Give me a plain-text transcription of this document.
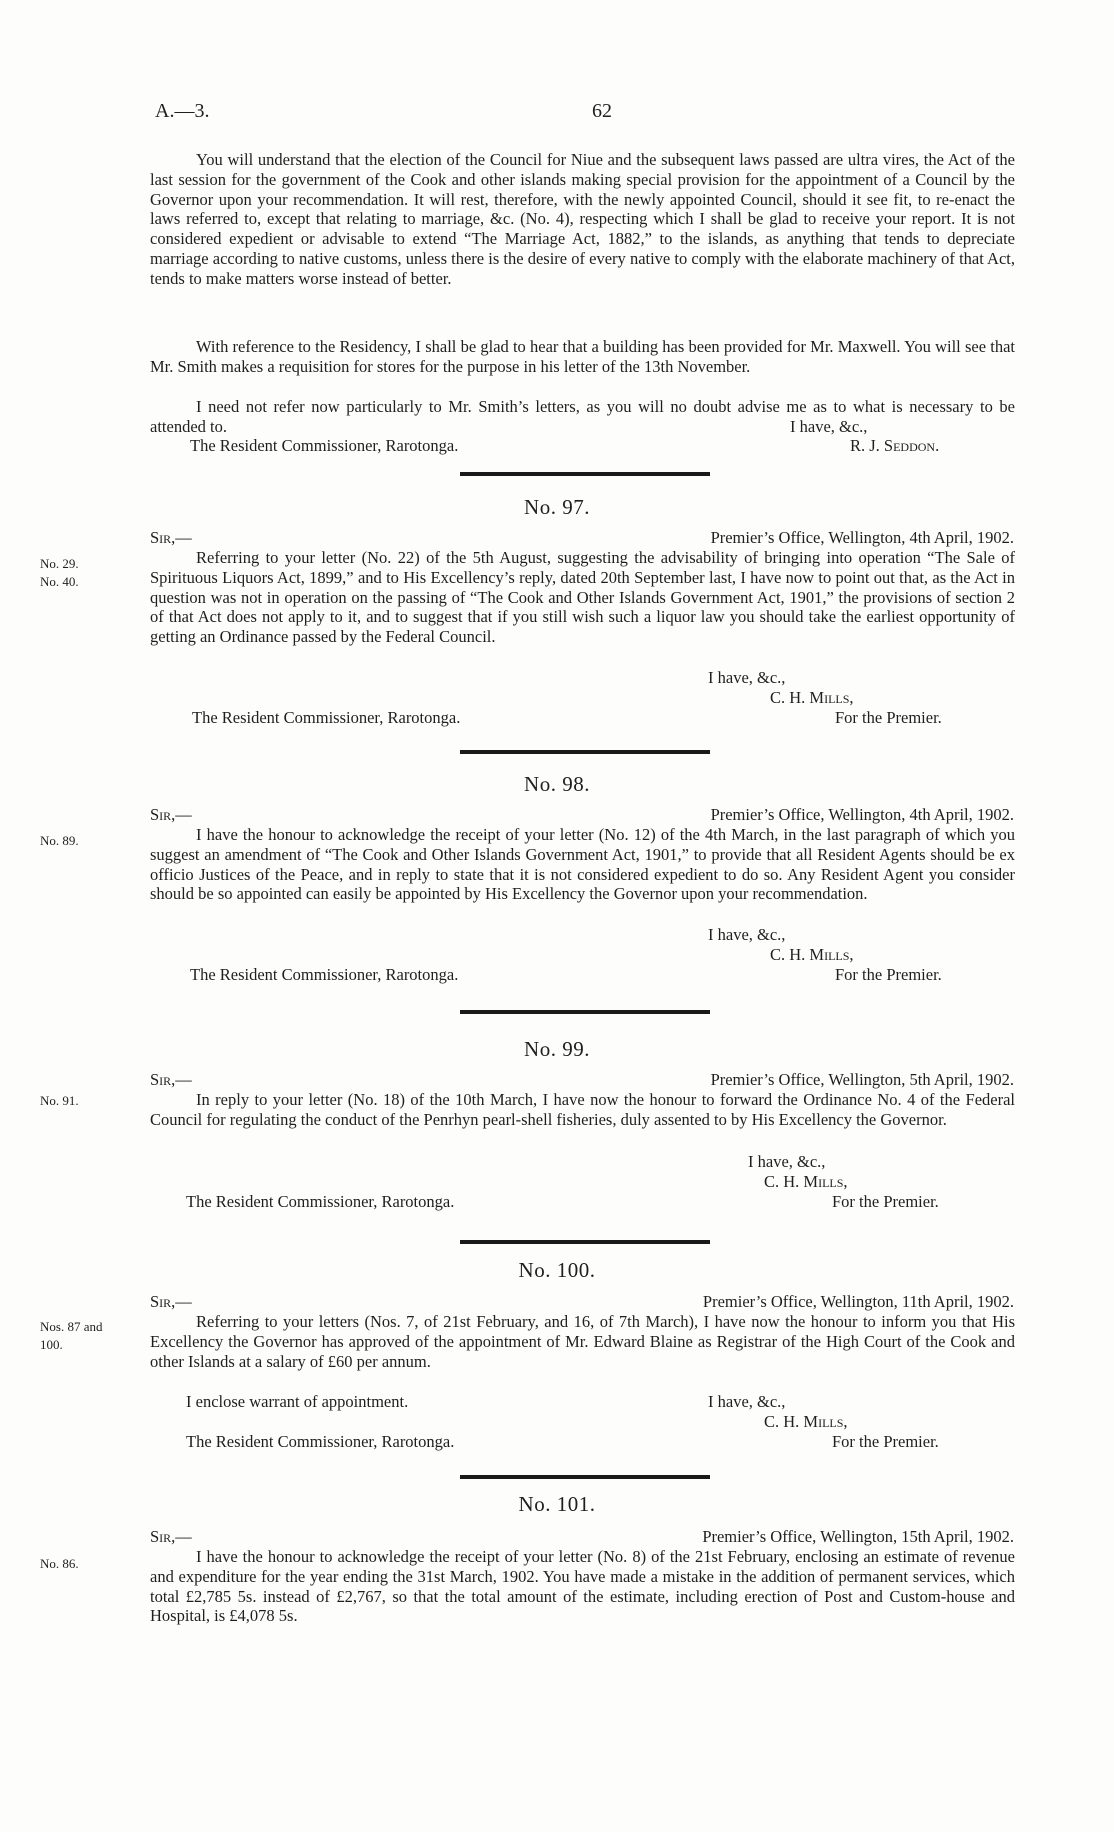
A.—3.	62

You will understand that the election of the Council for Niue and the subsequent laws passed are ultra vires, the Act of the last session for the government of the Cook and other islands making special provision for the appointment of a Council by the Governor upon your recommendation. It will rest, therefore, with the newly appointed Council, should it see fit, to re-enact the laws referred to, except that relating to marriage, &c. (No. 4), respecting which I shall be glad to receive your report. It is not considered expedient or advisable to extend “The Marriage Act, 1882,” to the islands, as anything that tends to depreciate marriage according to native customs, unless there is the desire of every native to comply with the elaborate machinery of that Act, tends to make matters worse instead of better.

With reference to the Residency, I shall be glad to hear that a building has been provided for Mr. Maxwell. You will see that Mr. Smith makes a requisition for stores for the purpose in his letter of the 13th November.

I need not refer now particularly to Mr. Smith’s letters, as you will no doubt advise me as to what is necessary to be attended to.	I have, &c.,
The Resident Commissioner, Rarotonga.	R. J. Seddon.
No. 97.
No. 29.
No. 40.
Sir,—	Premier’s Office, Wellington, 4th April, 1902.

Referring to your letter (No. 22) of the 5th August, suggesting the advisability of bringing into operation “The Sale of Spirituous Liquors Act, 1899,” and to His Excellency’s reply, dated 20th September last, I have now to point out that, as the Act in question was not in operation on the passing of “The Cook and Other Islands Government Act, 1901,” the provisions of section 2 of that Act does not apply to it, and to suggest that if you still wish such a liquor law you should take the earliest opportunity of getting an Ordinance passed by the Federal Council.

I have, &c.,
C. H. Mills,
The Resident Commissioner, Rarotonga.	For the Premier.
No. 98.
No. 89.
Sir,—	Premier’s Office, Wellington, 4th April, 1902.

I have the honour to acknowledge the receipt of your letter (No. 12) of the 4th March, in the last paragraph of which you suggest an amendment of “The Cook and Other Islands Government Act, 1901,” to provide that all Resident Agents should be ex officio Justices of the Peace, and in reply to state that it is not considered expedient to do so. Any Resident Agent you consider should be so appointed can easily be appointed by His Excellency the Governor upon your recommendation.

I have, &c.,
C. H. Mills,
The Resident Commissioner, Rarotonga.	For the Premier.
No. 99.
No. 91.
Sir,—	Premier’s Office, Wellington, 5th April, 1902.

In reply to your letter (No. 18) of the 10th March, I have now the honour to forward the Ordinance No. 4 of the Federal Council for regulating the conduct of the Penrhyn pearl-shell fisheries, duly assented to by His Excellency the Governor.

I have, &c.,
C. H. Mills,
The Resident Commissioner, Rarotonga.	For the Premier.
No. 100.
Nos. 87 and
100.
Sir,—	Premier’s Office, Wellington, 11th April, 1902.

Referring to your letters (Nos. 7, of 21st February, and 16, of 7th March), I have now the honour to inform you that His Excellency the Governor has approved of the appointment of Mr. Edward Blaine as Registrar of the High Court of the Cook and other Islands at a salary of £60 per annum.

I enclose warrant of appointment.	I have, &c.,
C. H. Mills,
The Resident Commissioner, Rarotonga.	For the Premier.
No. 101.
No. 86.
Sir,—	Premier’s Office, Wellington, 15th April, 1902.

I have the honour to acknowledge the receipt of your letter (No. 8) of the 21st February, enclosing an estimate of revenue and expenditure for the year ending the 31st March, 1902. You have made a mistake in the addition of permanent services, which total £2,785 5s. instead of £2,767, so that the total amount of the estimate, including erection of Post and Custom-house and Hospital, is £4,078 5s.
